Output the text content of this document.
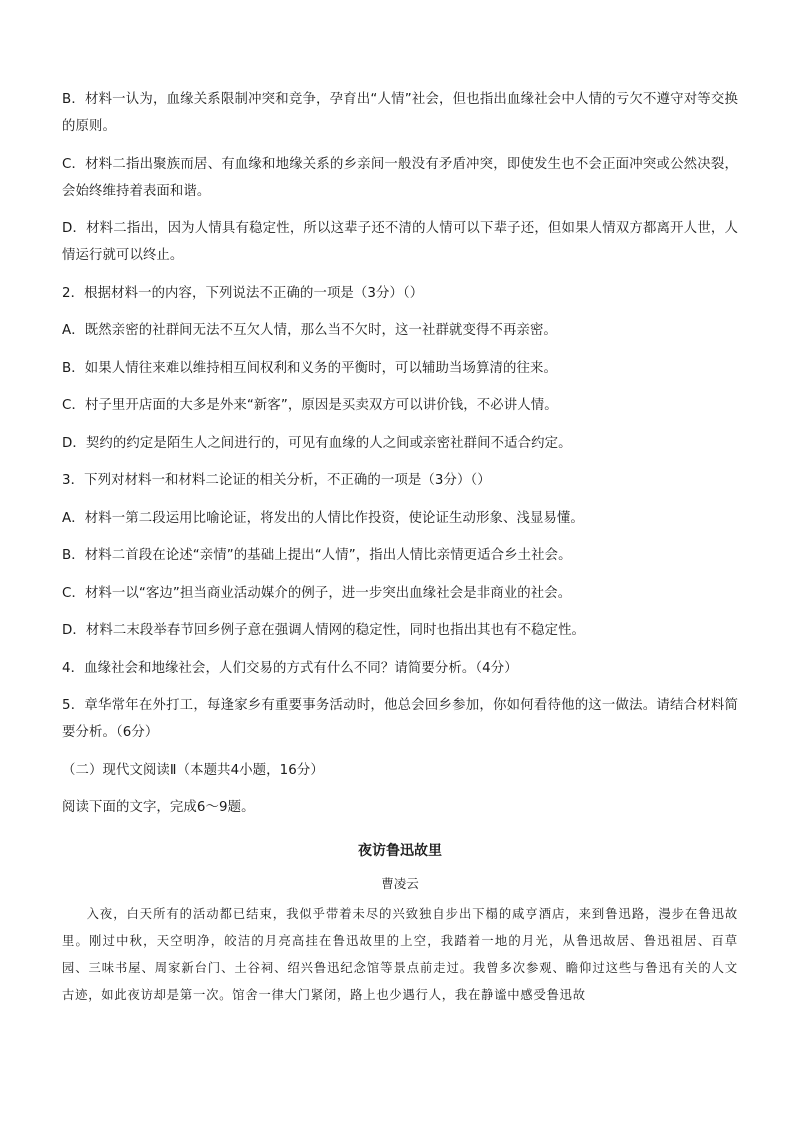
B．材料一认为，血缘关系限制冲突和竞争，孕育出“人情”社会，但也指出血缘社会中人情的亏欠不遵守对等交换的原则。

C．材料二指出聚族而居、有血缘和地缘关系的乡亲间一般没有矛盾冲突，即使发生也不会正面冲突或公然决裂，会始终维持着表面和谐。

D．材料二指出，因为人情具有稳定性，所以这辈子还不清的人情可以下辈子还，但如果人情双方都离开人世，人情运行就可以终止。

2．根据材料一的内容，下列说法不正确的一项是（3分）（）

A．既然亲密的社群间无法不互欠人情，那么当不欠时，这一社群就变得不再亲密。

B．如果人情往来难以维持相互间权利和义务的平衡时，可以辅助当场算清的往来。

C．村子里开店面的大多是外来“新客”，原因是买卖双方可以讲价钱，不必讲人情。

D．契约的约定是陌生人之间进行的，可见有血缘的人之间或亲密社群间不适合约定。

3．下列对材料一和材料二论证的相关分析，不正确的一项是（3分）（）

A．材料一第二段运用比喻论证，将发出的人情比作投资，使论证生动形象、浅显易懂。

B．材料二首段在论述“亲情”的基础上提出“人情”，指出人情比亲情更适合乡土社会。

C．材料一以“客边”担当商业活动媒介的例子，进一步突出血缘社会是非商业的社会。

D．材料二末段举春节回乡例子意在强调人情网的稳定性，同时也指出其也有不稳定性。

4．血缘社会和地缘社会，人们交易的方式有什么不同？请简要分析。（4分）

5．章华常年在外打工，每逢家乡有重要事务活动时，他总会回乡参加，你如何看待他的这一做法。请结合材料简要分析。（6分）

（二）现代文阅读Ⅱ（本题共4小题，16分）

阅读下面的文字，完成6～9题。

夜访鲁迅故里
曹凌云

入夜，白天所有的活动都已结束，我似乎带着未尽的兴致独自步出下榻的咸亨酒店，来到鲁迅路，漫步在鲁迅故里。刚过中秋，天空明净，皎洁的月亮高挂在鲁迅故里的上空，我踏着一地的月光，从鲁迅故居、鲁迅祖居、百草园、三味书屋、周家新台门、土谷祠、绍兴鲁迅纪念馆等景点前走过。我曾多次参观、瞻仰过这些与鲁迅有关的人文古迹，如此夜访却是第一次。馆舍一律大门紧闭，路上也少遇行人，我在静谧中感受鲁迅故
